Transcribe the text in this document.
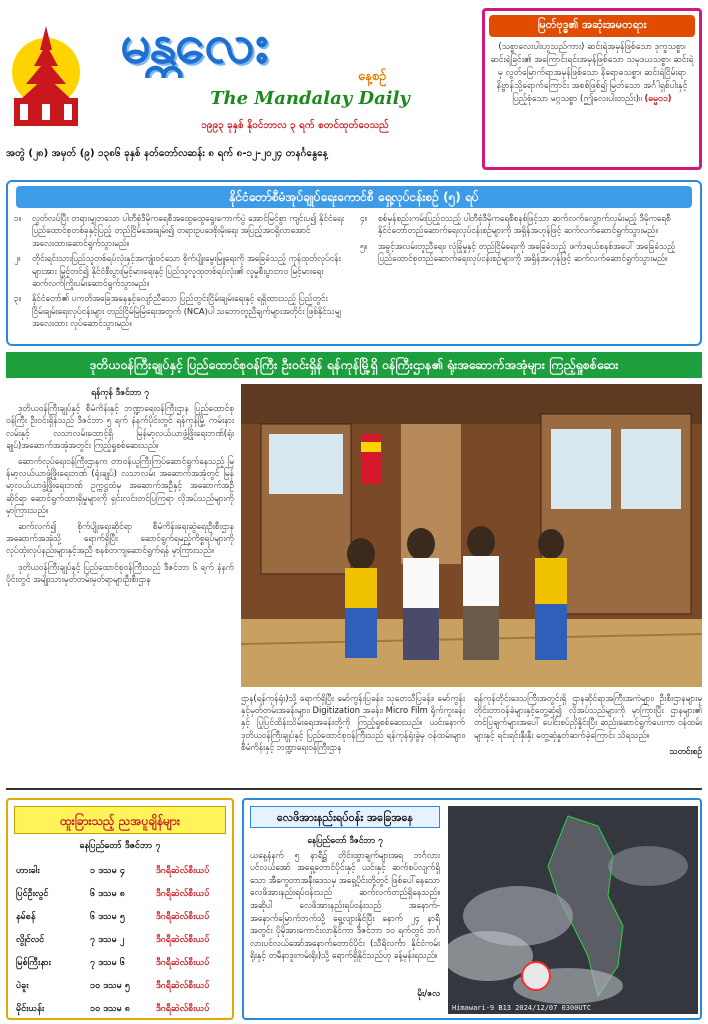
မန္တလေး
နေ့စဉ်
The Mandalay Daily
၁၉၉၃ ခုနှစ် နိုဝင်ဘာလ ၃ ရက် စတင်ထုတ်ဝေသည်
အတွဲ (၂၈) အမှတ် (၉) ၁၃၈၆ ခုနှစ် နတ်တော်လဆန်း ၈ ရက် ၈-၁၂-၂၀၂၄ တနင်္ဂနွေနေ့
မြတ်ဗုဒ္ဓ၏ အဆုံးအမတရား
(သစ္စာလေးပါးဟူသည်ကား) ဆင်းရဲအမှန်ဖြစ်သော ဒုက္ခသစ္စာ၊ ဆင်းရဲခြင်း၏ အကြောင်းရင်းအမှန်ဖြစ်သော သမုဒယသစ္စာ၊ ဆင်းရဲမှ လွတ်မြောက်ရာအမှန်ဖြစ်သော နိရောဓသစ္စာ၊ ဆင်းရဲငြိမ်းရာ နိဗ္ဗာန်သို့ရောက်ကြောင်း အစစ်ဖြစ်၍ မြတ်သော အင်္ဂါရှစ်ပါးနှင့် ပြည့်စုံသော မဂ္ဂသစ္စာ (ဤလေးပါးတည်း)။ (ဓမ္မ၀၁)
နိုင်ငံတော်စီမံအုပ်ချုပ်ရေးကောင်စီ ရှေ့လုပ်ငန်းစဉ် (၅) ရပ်
၁။	လွတ်လပ်ပြီး တရားမျှတသော ပါတီစုံဒီမိုကရေစီအထွေထွေရွေးကောက်ပွဲ အောင်မြင်စွာ ကျင်းပ၍ နိုင်ငံရေးပြည်ထောင်စုတစ်ခုနှင့်ပြည့် တည်ငြိမ်အေးချမ်း၍ တရားဥပဒေစိုးမိုးရေး အပြည့်အဝရှိလာအောင် အလေးထားဆောင်ရွက်သွားမည်။
၂။	တိုင်းရင်းသားပြည်သူတစ်ရပ်လုံးနှင့်အကျုံးဝင်သော စိုက်ပျိုးမွေးမြူရေးကို အခြေခံသည့် ကုန်ထုတ်လုပ်ငန်းများအား မြှင့်တင်၍ နိုင်ငံစီးပွားမြင့်မားရေးနှင့် ပြည်သူလူထုတစ်ရပ်လုံး၏ လူမှုစီးပွားဘဝ မြင့်မားရေး ဆက်လက်ကြိုးပမ်းဆောင်ရွက်သွားမည်။
၃။	နိုင်ငံတော်၏ ပကတိအခြေအနေနှင့်လျော်ညီသော ပြည်တွင်းငြိမ်းချမ်းရေးနှင့် ရရှိထားသည့် ပြည်တွင်းငြိမ်းချမ်းရေးလုပ်ငန်းများ တည်ငြိမ်မြဲမြံရေးအတွက် (NCA)ပါ သဘောတူညီချက်များအတိုင်း ဖြစ်နိုင်သမျှ အလေးထား လုပ်ဆောင်သွားမည်။
၄။	စစ်မှန်စည်းကမ်းပြည့်ဝသည့် ပါတီစုံဒီမိုကရေစီစနစ်ဖြင့်သာ ဆက်လက်လျှောက်လှမ်းမည့် ဒီမိုကရေစီနိုင်ငံတော်တည်ဆောက်ရေးလုပ်ငန်းစဉ်များကို အရှိန်အဟုန်ဖြင့် ဆက်လက်ဆောင်ရွက်သွားမည်။
၅။	အခွင့်အလမ်းတူညီရေး၊ လုံခြုံမှုနှင့် တည်ငြိမ်ရေးကို အခြေခံသည့် ဖက်ဒရယ်စနစ်အပေါ် အခြေခံသည့် ပြည်ထောင်စုတည်ဆောက်ရေးလုပ်ငန်းစဉ်များကို အရှိန်အဟုန်ဖြင့် ဆက်လက်ဆောင်ရွက်သွားမည်။
ဒုတိယဝန်ကြီးချုပ်နှင့် ပြည်ထောင်စုဝန်ကြီး ဦးဝင်းရှိန် ရန်ကုန်မြို့ရှိ ဝန်ကြီးဌာန၏ ရုံးအဆောက်အအုံများ ကြည့်ရှုစစ်ဆေး

ရန်ကုန် ဒီဇင်ဘာ ၇

ဒုတိယဝန်ကြီးချုပ်နှင့် စီမံကိန်းနှင့် ဘဏ္ဍာရေးဝန်ကြီးဌာန ပြည်ထောင်စုဝန်ကြီး ဦးဝင်းရှိန်သည် ဒီဇင်ဘာ ၅ ရက် နံနက်ပိုင်းတွင် ရန်ကုန်မြို့ ကမ်းနားလမ်းနှင့် လသာလမ်းထောင့်ရှိ မြန်မာ့လယ်ယာဖွံ့ဖြိုးရေးဘဏ်(ရုံးချုပ်)အဆောက်အအုံအတွင်း ကြည့်ရှုစစ်ဆေးသည်။

ဆောက်လုပ်ရေးဝန်ကြီးဌာနက တာဝန်ယူကြီးကြပ်ဆောင်ရွက်နေသည့် မြန်မာ့လယ်ယာဖွံ့ဖြိုးရေးဘဏ် (ရုံးချုပ်) လသာလမ်း အဆောက်အအုံတွင် မြန်မာ့လယ်ယာဖွံ့ဖြိုးရေးဘဏ် ဥက္ကဋ္ဌထံမှ အဆောက်အဦနှင့် အဆောက်အဦဆိုင်ရာ ဆောင်ရွက်ထားရှိမှုများကို ရှင်းလင်းတင်ပြကြရာ လိုအပ်သည်များကို မှာကြားသည်။

ဆက်လက်၍ စိုက်ပျိုးရေးဆိုင်ရာ စီမံကိန်းရေးဆွဲရေးဦးစီးဌာန အဆောက်အအုံသို့ ရောက်ရှိပြီး ဆောင်ရွက်ရမည့်ကိစ္စရပ်များကို လုပ်ထုံးလုပ်နည်းများနှင့်အညီ စနစ်တကျဆောင်ရွက်ရန် မှာကြားသည်။

ဒုတိယဝန်ကြီးချုပ်နှင့် ပြည်ထောင်စုဝန်ကြီးသည် ဒီဇင်ဘာ ၆ ရက် နံနက်ပိုင်းတွင် အမျိုးသားမှတ်တမ်းမှတ်ရာများဦးစီးဌာန

ဌာန(ရန်ကုန်ရုံး)သို့ ရောက်ရှိပြီး မော်ကွန်းပြခန်း၊ သုတေသီပြခန်း၊ မော်ကွန်းနှင့်မှတ်တမ်းအခန်းများ၊ Digitization အခန်း၊ Micro Film ရိုက်ကူးခန်းနှင့် ပြုပြင်ထိန်းသိမ်းရေးအခန်းတို့ကို ကြည့်ရှုစစ်ဆေးသည်။ ယင်းနောက် ဒုတိယဝန်ကြီးချုပ်နှင့် ပြည်ထောင်စုဝန်ကြီးသည် ရန်ကုန်ရုံးခွဲမှ ဝန်ထမ်းများ၊ စီမံကိန်းနှင့် ဘဏ္ဍာရေးဝန်ကြီးဌာန

ရန်ကုန်တိုင်းဒေသကြီးအတွင်းရှိ ဌာနဆိုင်ရာအကြီးအကဲများ၊ ဦးစီးဌာနများမှ တိုင်းတာဝန်ခံများနှင့်တွေ့ဆုံ၍ လိုအပ်သည်များကို မှာကြားပြီး ဌာနများ၏ တင်ပြချက်များအပေါ် ပေါင်းစပ်ညှိနှိုင်းပြီး ဆည်းဆောင်ရွက်ပေးကာ ဝန်ထမ်းများနှင့် ရင်းရင်းနှီးနှီး တွေ့ဆုံနှုတ်ဆက်ခဲ့ကြောင်း သိရသည်။

သတင်းစဉ်

ထူးခြားသည့် ညအပူချိန်များ
နေပြည်တော် ဒီဇင်ဘာ ၇
ဟားခါး	၁ ဒသမ ၄	ဒီဂရီဆဲလ်စီးယပ်
ပြင်ဦးလွင်	၆ ဒသမ ၈	ဒီဂရီဆဲလ်စီးယပ်
နမ်စန်	၆ ဒသမ ၅	ဒီဂရီဆဲလ်စီးယပ်
လွိုင်လင်	၇ ဒသမ ၂	ဒီဂရီဆဲလ်စီးယပ်
မြစ်ကြီးနား	၇ ဒသမ ၆	ဒီဂရီဆဲလ်စီးယပ်
ပဲခူး	၁၀ ဒသမ ၅	ဒီဂရီဆဲလ်စီးယပ်
မိုင်းယန်း	၁၀ ဒသမ ၈	ဒီဂရီဆဲလ်စီးယပ်
လေဖိအားနည်းရပ်ဝန်း အခြေအနေ
နေပြည်တော် ဒီဇင်ဘာ ၇
ယနေ့နံနက် ၅ နာရီ၌ တိုင်းထွာချက်များအရ ဘင်္ဂလားပင်လယ်အော် အရှေ့တောင်ပိုင်းနှင့် ယင်းနှင့် ဆက်စပ်လျက်ရှိသော အီကွေတာအနီးဒေသမှ အရှေ့ပိုင်းတို့တွင် ဖြစ်ပေါ်နေသော လေဖိအားနည်းရပ်ဝန်းသည် ဆက်လက်တည်ရှိနေသည်။ အဆိုပါ လေဖိအားနည်းရပ်ဝန်းသည် အနောက်-အနောက်မြောက်ဘက်သို့ ရွေ့လျားနိုင်ပြီး နောက် ၂၄ နာရီအတွင်း ပိုမိုအားကောင်းလာနိုင်ကာ ဒီဇင်ဘာ ၁၀ ရက်တွင် ဘင်္ဂလားပင်လယ်အော်အနောက်တောင်ပိုင်း (သီရိလင်္ကာ နိုင်ငံကမ်းရိုးနှင့် တမီနာဒူးကမ်းရိုး)သို့ ရောက်ရှိနိုင်သည်ဟု ခန့်မှန်းရသည်။
မိုး/ဇလ
Himawari-9 B13 2024/12/07 0300UTC
